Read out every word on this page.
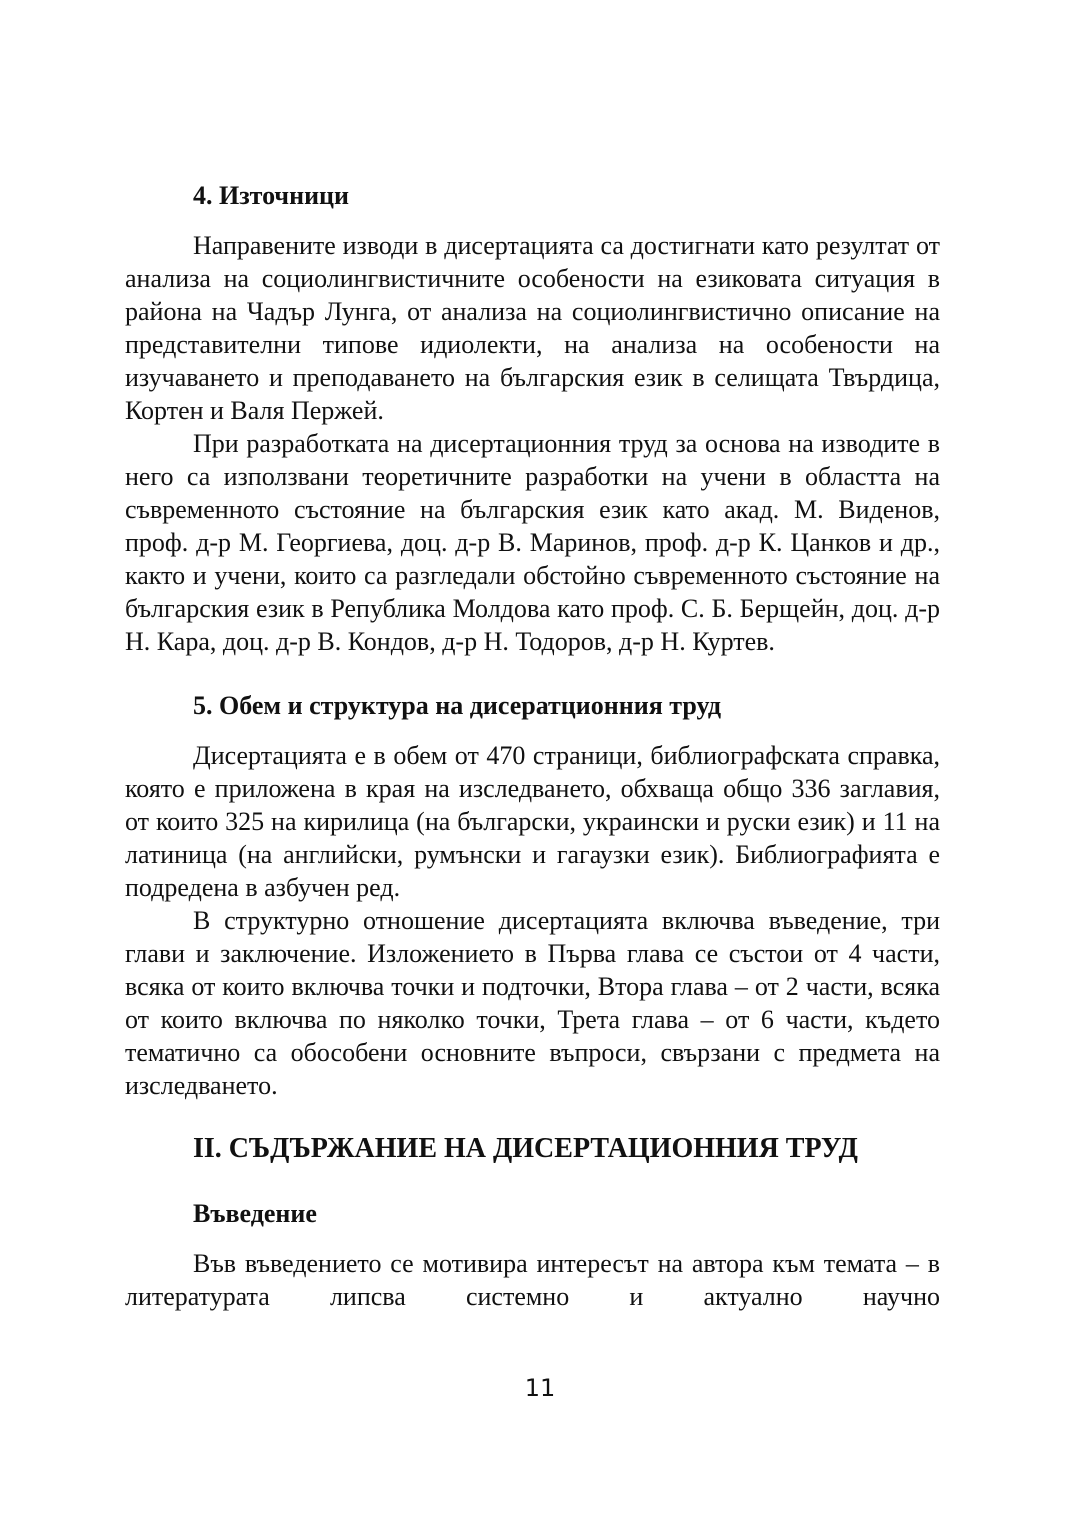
4. Източници

Направените изводи в дисертацията са достигнати като резултат от анализа на социолингвистичните особености на езиковата ситуация в района на Чадър Лунга, от анализа на социолингвистично описание на представителни типове идиолекти, на анализа на особености на изучаването и преподаването на българския език в селищата Твърдица, Кортен и Валя Пержей.

При разработката на дисертационния труд за основа на изводите в него са използвани теоретичните разработки на учени в областта на съвременното състояние на българския език като акад. М. Виденов, проф. д-р М. Георгиева, доц. д-р В. Маринов, проф. д-р К. Цанков и др., както и учени, които са разгледали обстойно съвременното състояние на българския език в Република Молдова като проф. С. Б. Берщейн, доц. д-р Н. Кара, доц. д-р В. Кондов, д-р Н. Тодоров, д-р Н. Куртев.

5. Обем и структура на дисератционния труд

Дисертацията е в обем от 470 страници, библиографската справка, която е приложена в края на изследването, обхваща общо 336 заглавия, от които 325 на кирилица (на български, украински и руски език) и 11 на латиница (на английски, румънски и гагаузки език). Библиографията е подредена в азбучен ред.

В структурно отношение дисертацията включва въведение, три глави и заключение. Изложението в Първа глава се състои от 4 части, всяка от които включва точки и подточки, Втора глава – от 2 части, всяка от които включва по няколко точки, Трета глава – от 6 части, където тематично са обособени основните въпроси, свързани с предмета на изследването.

II. СЪДЪРЖАНИЕ НА ДИСЕРТАЦИОННИЯ ТРУД
Въведение

Във въведението се мотивира интересът на автора към темата – в литературата липсва системно и актуално научно

11
